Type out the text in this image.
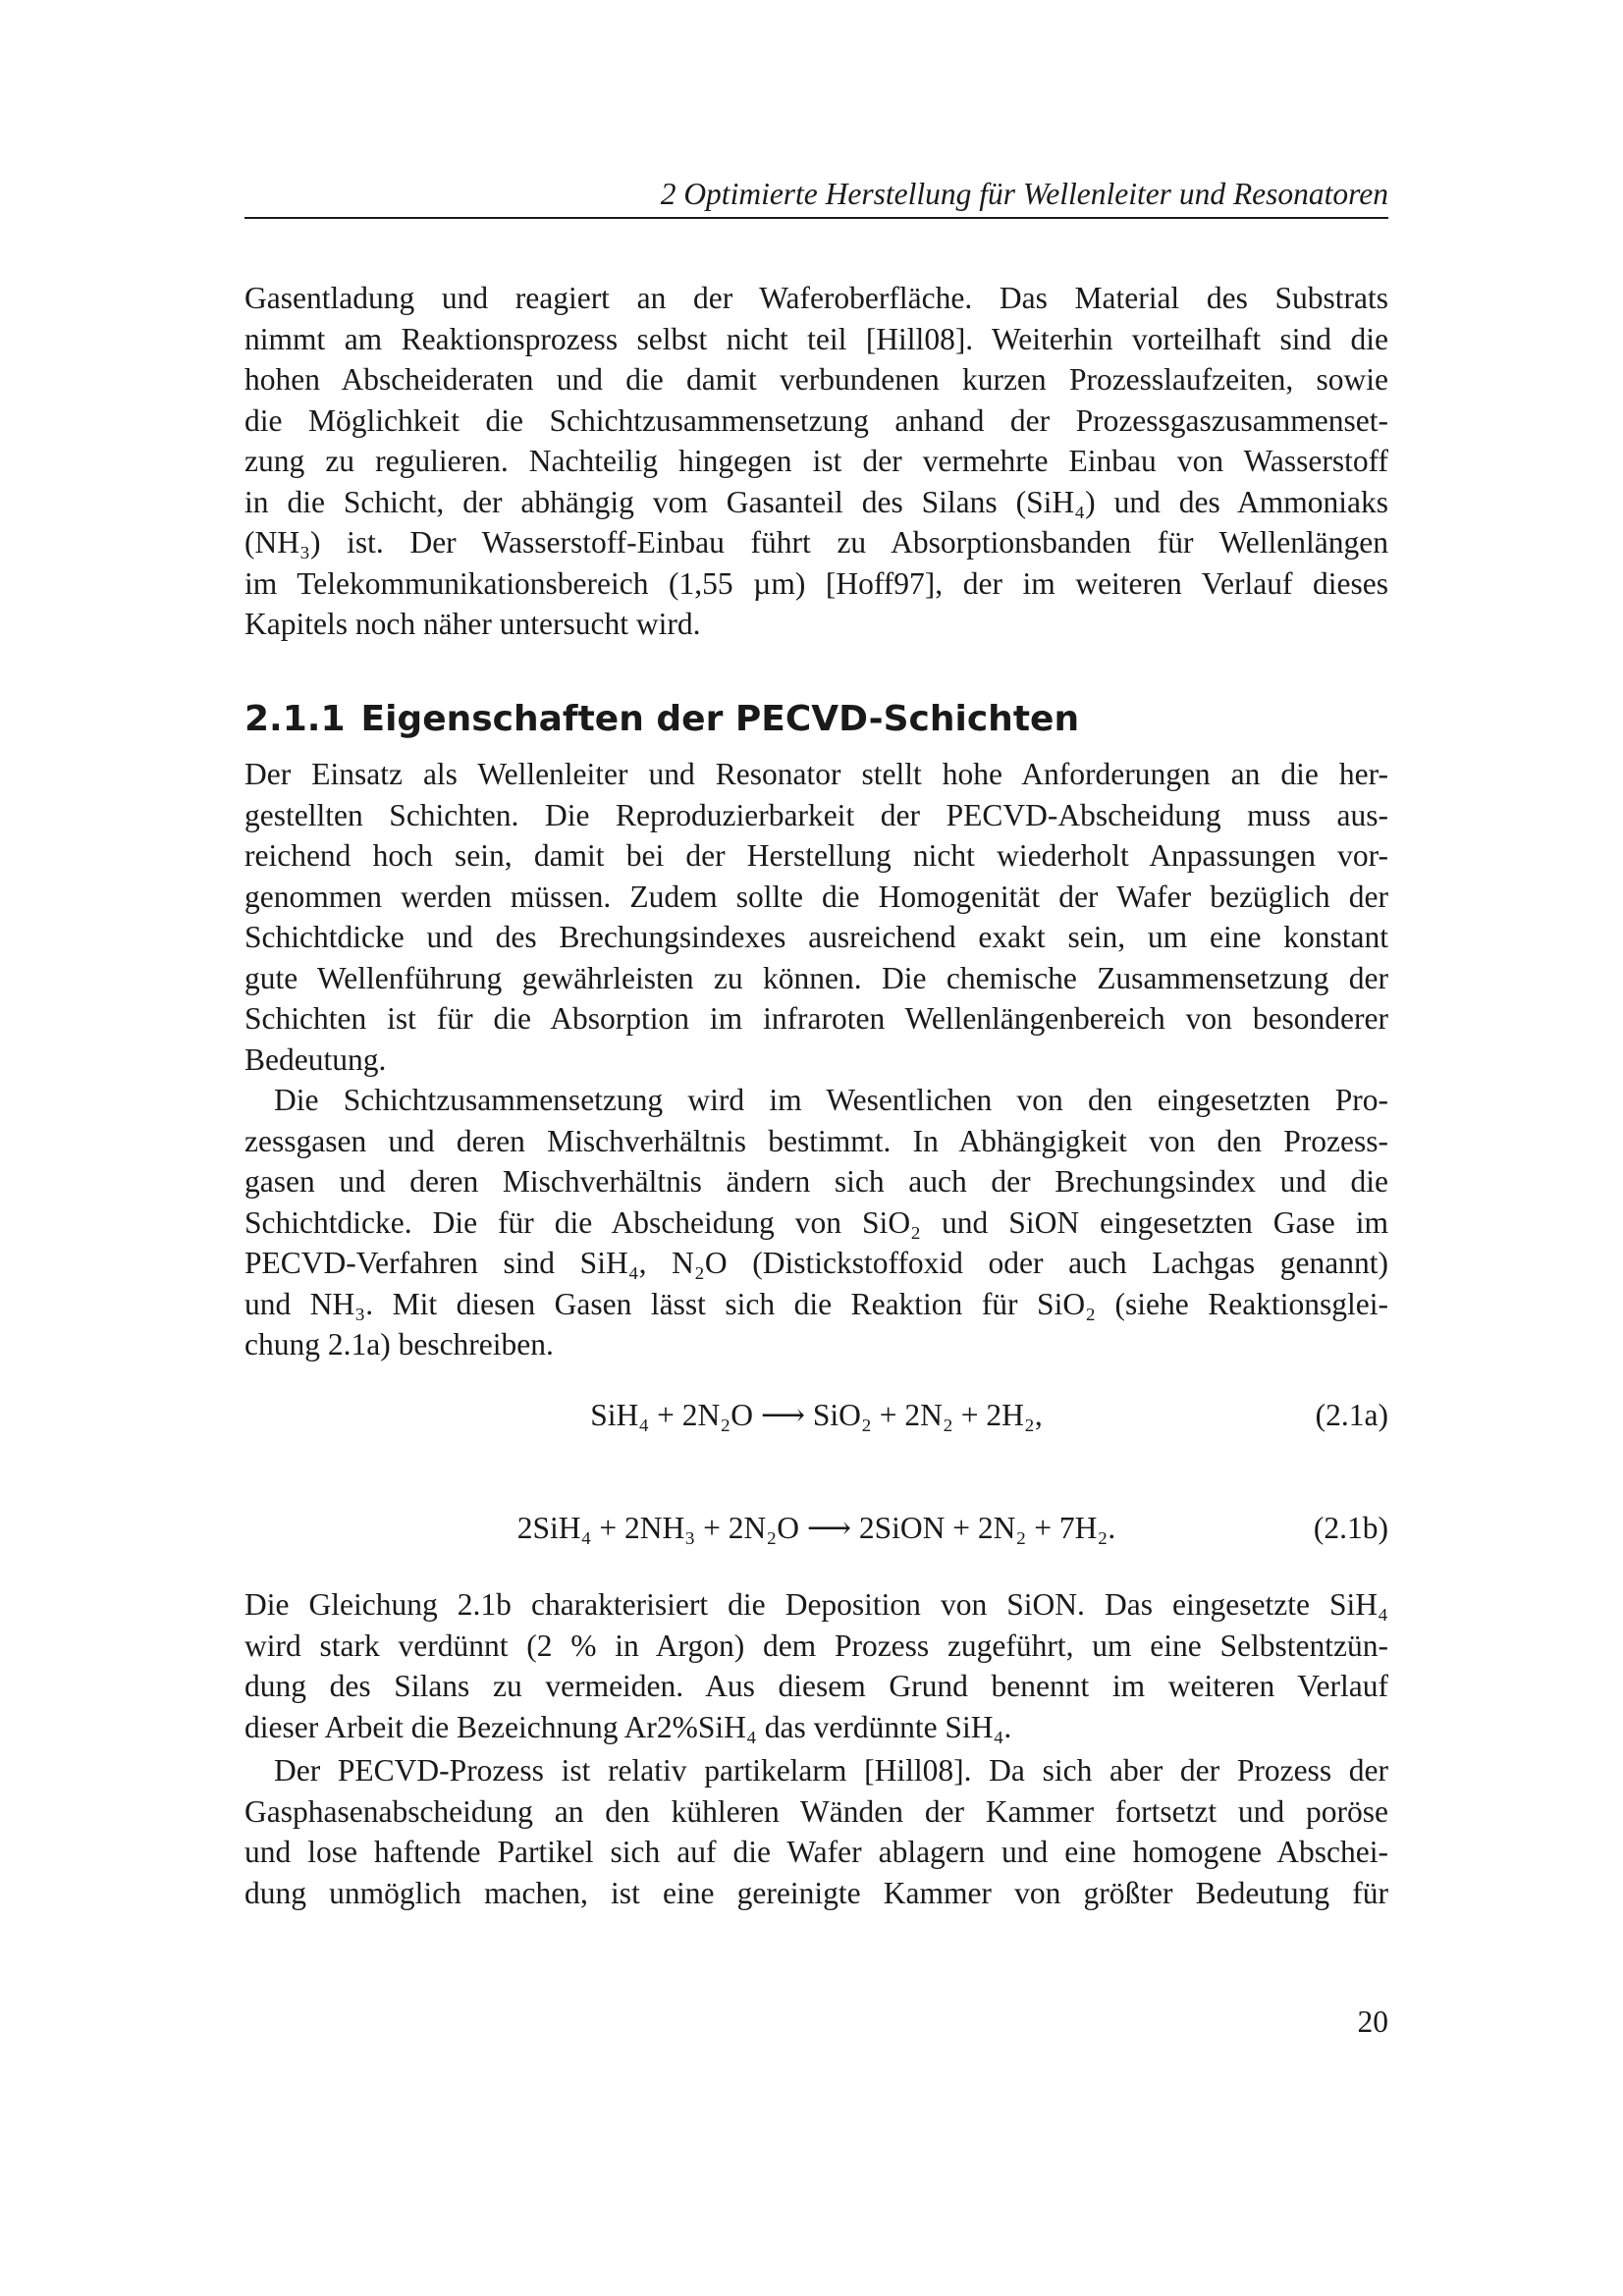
2 Optimierte Herstellung für Wellenleiter und Resonatoren
Gasentladung und reagiert an der Waferoberfläche. Das Material des Substrats
nimmt am Reaktionsprozess selbst nicht teil [Hill08]. Weiterhin vorteilhaft sind die
hohen Abscheideraten und die damit verbundenen kurzen Prozesslaufzeiten, sowie
die Möglichkeit die Schichtzusammensetzung anhand der Prozessgaszusammenset-
zung zu regulieren. Nachteilig hingegen ist der vermehrte Einbau von Wasserstoff
in die Schicht, der abhängig vom Gasanteil des Silans (SiH₄) und des Ammoniaks
(NH₃) ist. Der Wasserstoff-Einbau führt zu Absorptionsbanden für Wellenlängen
im Telekommunikationsbereich (1,55 µm) [Hoff97], der im weiteren Verlauf dieses
Kapitels noch näher untersucht wird.
2.1.1 Eigenschaften der PECVD-Schichten
Der Einsatz als Wellenleiter und Resonator stellt hohe Anforderungen an die her-
gestellten Schichten. Die Reproduzierbarkeit der PECVD-Abscheidung muss aus-
reichend hoch sein, damit bei der Herstellung nicht wiederholt Anpassungen vor-
genommen werden müssen. Zudem sollte die Homogenität der Wafer bezüglich der
Schichtdicke und des Brechungsindexes ausreichend exakt sein, um eine konstant
gute Wellenführung gewährleisten zu können. Die chemische Zusammensetzung der
Schichten ist für die Absorption im infraroten Wellenlängenbereich von besonderer
Bedeutung.
Die Schichtzusammensetzung wird im Wesentlichen von den eingesetzten Pro-
zessgasen und deren Mischverhältnis bestimmt. In Abhängigkeit von den Prozess-
gasen und deren Mischverhältnis ändern sich auch der Brechungsindex und die
Schichtdicke. Die für die Abscheidung von SiO₂ und SiON eingesetzten Gase im
PECVD-Verfahren sind SiH₄, N₂O (Distickstoffoxid oder auch Lachgas genannt)
und NH₃. Mit diesen Gasen lässt sich die Reaktion für SiO₂ (siehe Reaktionsglei-
chung 2.1a) beschreiben.
SiH₄ + 2N₂O ⟶ SiO₂ + 2N₂ + 2H₂,	(2.1a)
2SiH₄ + 2NH₃ + 2N₂O ⟶ 2SiON + 2N₂ + 7H₂.	(2.1b)
Die Gleichung 2.1b charakterisiert die Deposition von SiON. Das eingesetzte SiH₄
wird stark verdünnt (2 % in Argon) dem Prozess zugeführt, um eine Selbstentzün-
dung des Silans zu vermeiden. Aus diesem Grund benennt im weiteren Verlauf
dieser Arbeit die Bezeichnung Ar2%SiH₄ das verdünnte SiH₄.
Der PECVD-Prozess ist relativ partikelarm [Hill08]. Da sich aber der Prozess der
Gasphasenabscheidung an den kühleren Wänden der Kammer fortsetzt und poröse
und lose haftende Partikel sich auf die Wafer ablagern und eine homogene Abschei-
dung unmöglich machen, ist eine gereinigte Kammer von größter Bedeutung für
20
